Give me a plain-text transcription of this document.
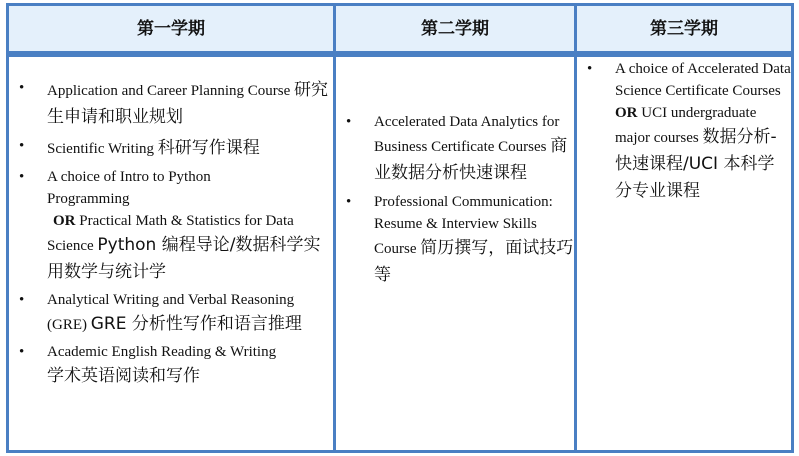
第一学期	第二学期	第三学期
• Application and Career Planning Course 研究生申请和职业规划
• Scientific Writing 科研写作课程
• A choice of Intro to Python Programming
OR Practical Math & Statistics for Data Science Python 编程导论/数据科学实用数学与统计学
• Analytical Writing and Verbal Reasoning (GRE) GRE 分析性写作和语言推理
• Academic English Reading & Writing
学术英语阅读和写作
• Accelerated Data Analytics for Business Certificate Courses 商业数据分析快速课程
• Professional Communication: Resume & Interview Skills Course 简历撰写，面试技巧等
• A choice of Accelerated Data Science Certificate Courses OR UCI undergraduate major courses 数据分析-快速课程/UCI 本科学分专业课程
